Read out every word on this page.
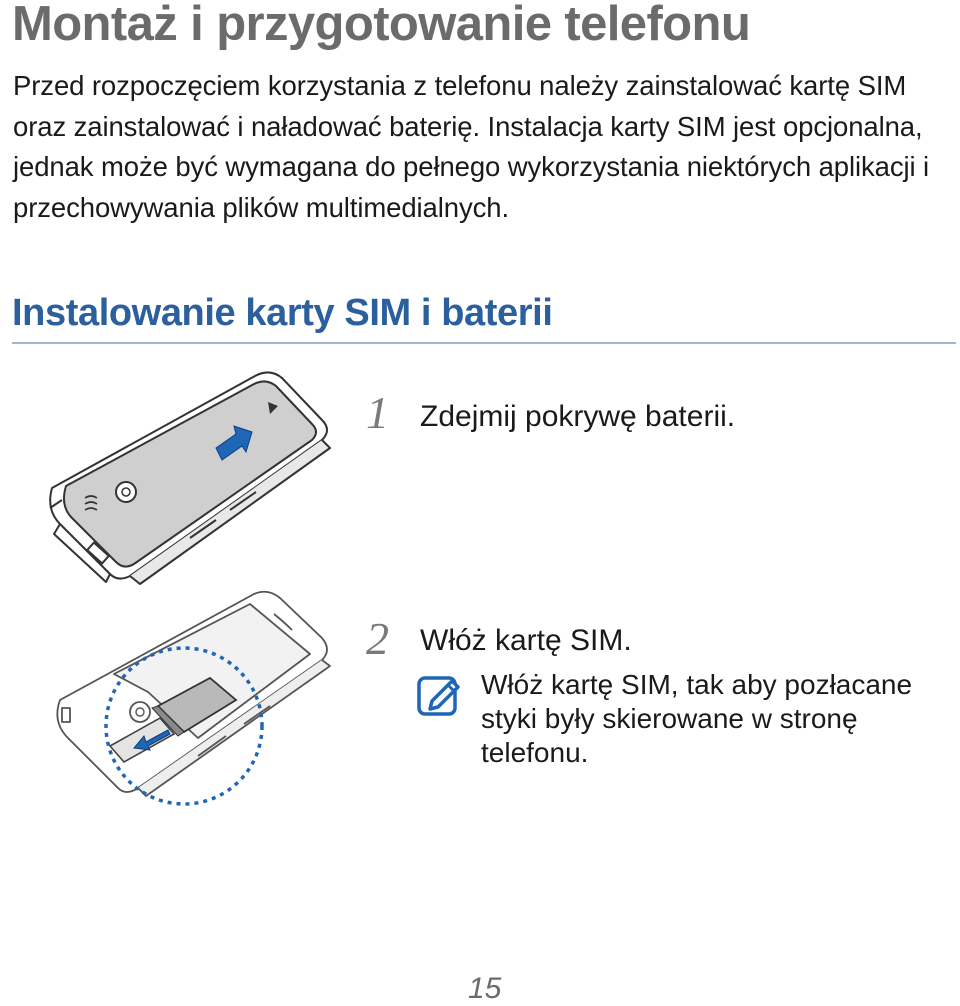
Montaż i przygotowanie telefonu

Przed rozpoczęciem korzystania z telefonu należy zainstalować kartę SIM oraz zainstalować i naładować baterię. Instalacja karty SIM jest opcjonalna, jednak może być wymagana do pełnego wykorzystania niektórych aplikacji i przechowywania plików multimedialnych.

Instalowanie karty SIM i baterii
1 Zdejmij pokrywę baterii.
2 Włóż kartę SIM.

Włóż kartę SIM, tak aby pozłacane styki były skierowane w stronę telefonu.

15
